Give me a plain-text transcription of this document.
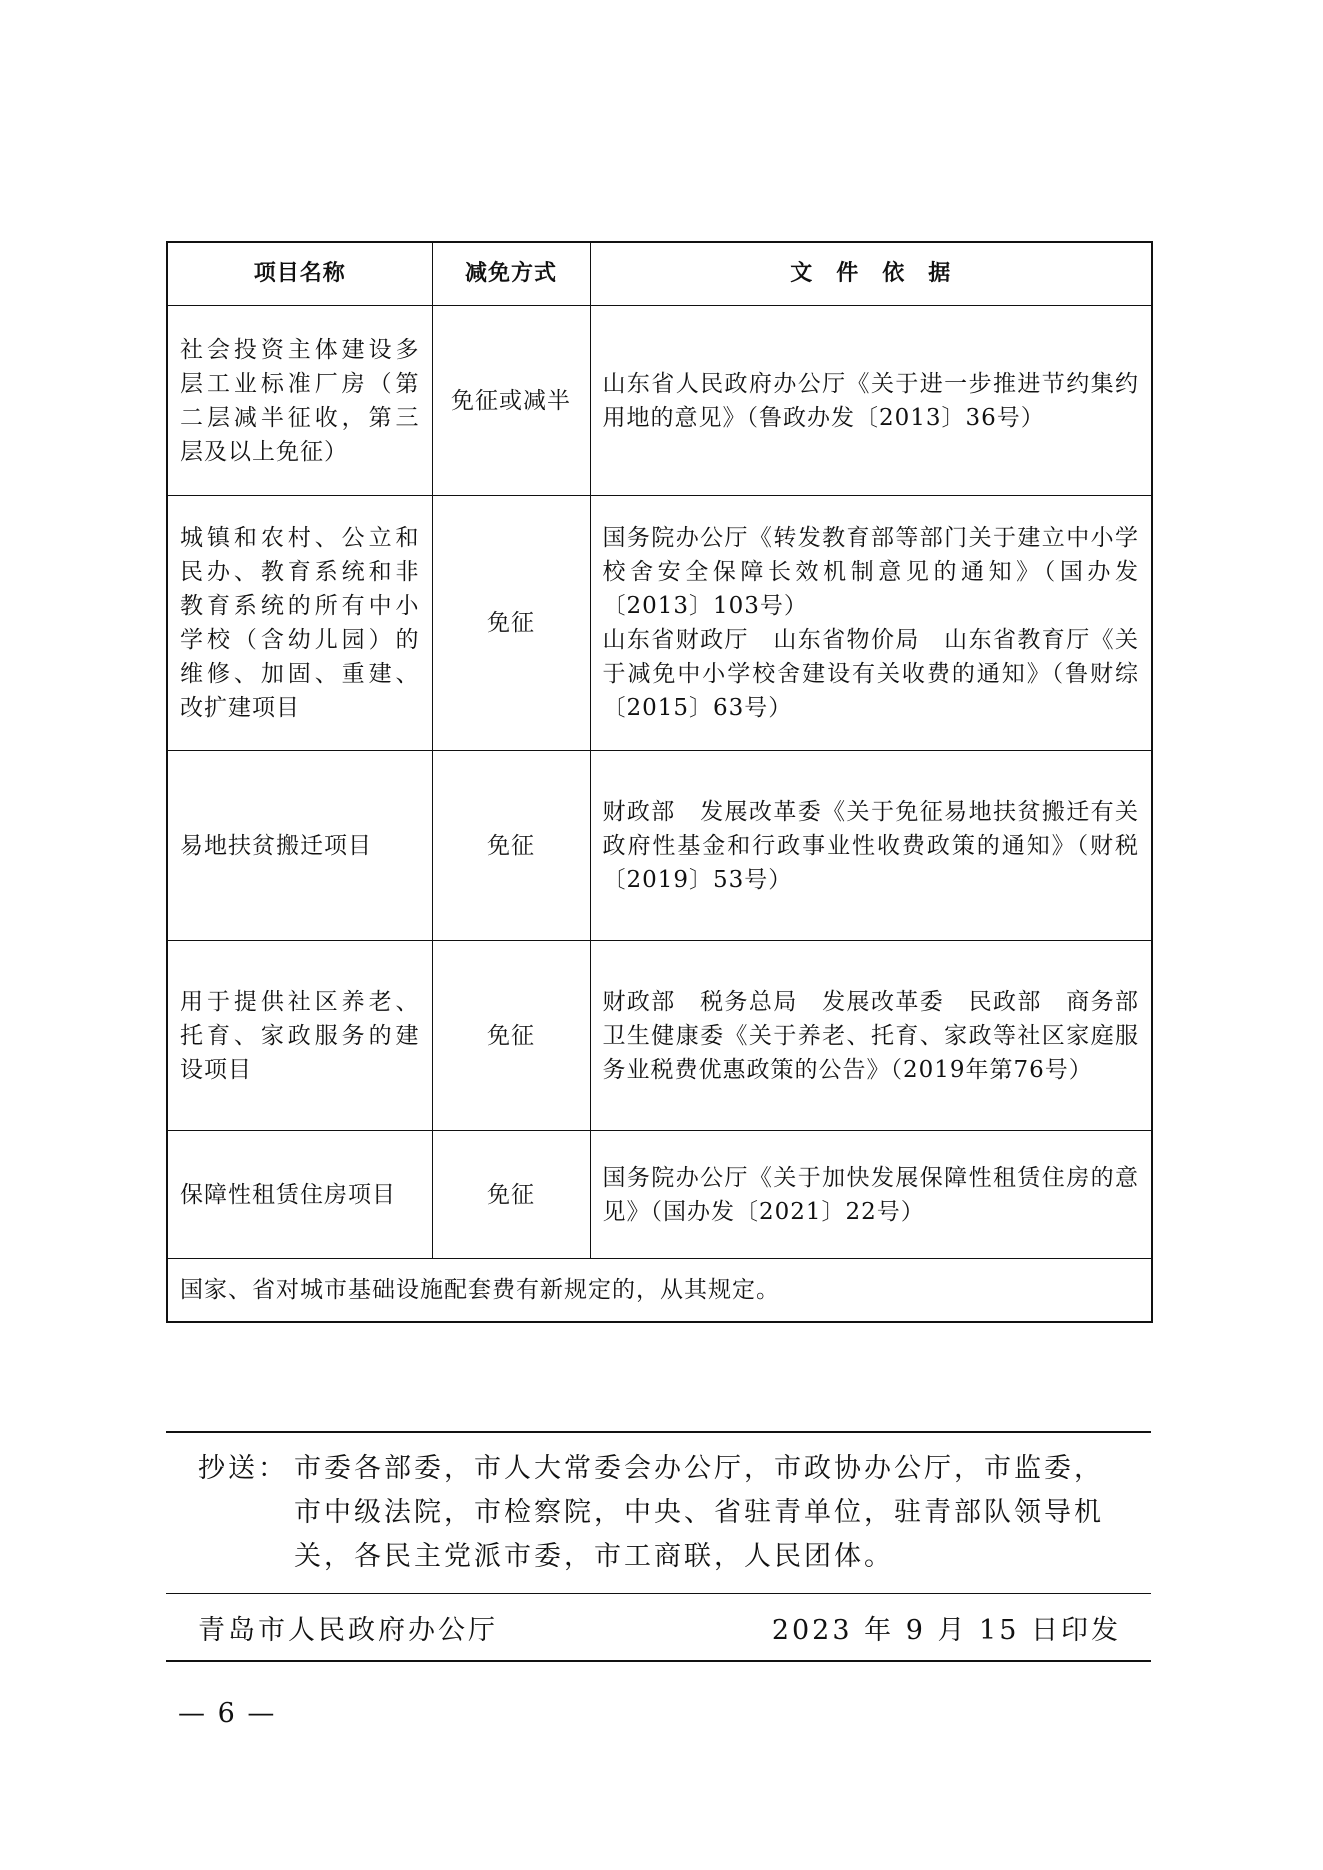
项目名称	减免方式	文　件　依　据
社会投资主体建设多层工业标准厂房（第二层减半征收，第三层及以上免征）	免征或减半	山东省人民政府办公厅《关于进一步推进节约集约用地的意见》（鲁政办发〔2013〕36号）
城镇和农村、公立和民办、教育系统和非教育系统的所有中小学校（含幼儿园）的维修、加固、重建、改扩建项目	免征	国务院办公厅《转发教育部等部门关于建立中小学校舍安全保障长效机制意见的通知》（国办发〔2013〕103号）
山东省财政厅　山东省物价局　山东省教育厅《关于减免中小学校舍建设有关收费的通知》（鲁财综〔2015〕63号）
易地扶贫搬迁项目	免征	财政部　发展改革委《关于免征易地扶贫搬迁有关政府性基金和行政事业性收费政策的通知》（财税〔2019〕53号）
用于提供社区养老、托育、家政服务的建设项目	免征	财政部　税务总局　发展改革委　民政部　商务部　卫生健康委《关于养老、托育、家政等社区家庭服务业税费优惠政策的公告》（2019年第76号）
保障性租赁住房项目	免征	国务院办公厅《关于加快发展保障性租赁住房的意见》（国办发〔2021〕22号）
国家、省对城市基础设施配套费有新规定的，从其规定。		
抄送： 市委各部委，市人大常委会办公厅，市政协办公厅，市监委，市中级法院，市检察院，中央、省驻青单位，驻青部队领导机关，各民主党派市委，市工商联，人民团体。
青岛市人民政府办公厅	2023 年 9 月 15 日印发
— 6 —
